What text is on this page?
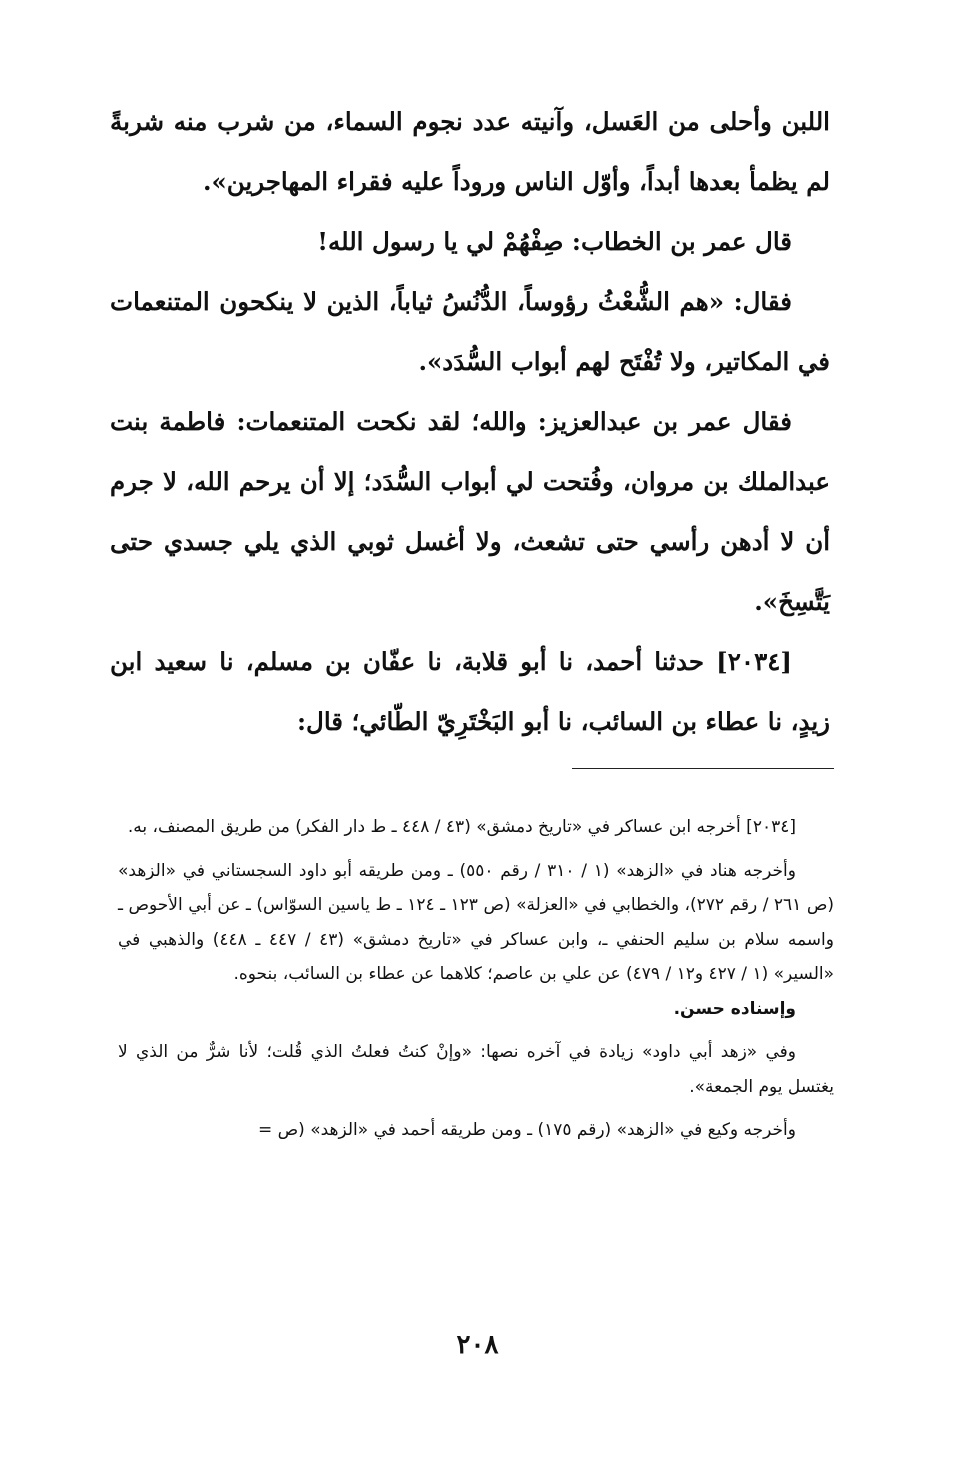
اللبن وأحلى من العَسل، وآنيته عدد نجوم السماء، من شرب منه شربةً لم يظمأ بعدها أبداً، وأوّل الناس وروداً عليه فقراء المهاجرين».

قال عمر بن الخطاب: صِفْهُمْ لي يا رسول الله!

فقال: «هم الشُّعْثُ رؤوساً، الدُّنُسُ ثياباً، الذين لا ينكحون المتنعمات في المكاتير، ولا تُفْتَح لهم أبواب السُّدَد».

فقال عمر بن عبدالعزيز: والله؛ لقد نكحت المتنعمات: فاطمة بنت عبدالملك بن مروان، وفُتحت لي أبواب السُّدَد؛ إلا أن يرحم الله، لا جرم أن لا أدهن رأسي حتى تشعث، ولا أغسل ثوبي الذي يلي جسدي حتى يَتَّسِخَ».

[٢٠٣٤] حدثنا أحمد، نا أبو قلابة، نا عفّان بن مسلم، نا سعيد ابن زيدٍ، نا عطاء بن السائب، نا أبو البَخْتَرِيّ الطّائي؛ قال:

[٢٠٣٤] أخرجه ابن عساكر في «تاريخ دمشق» (٤٣ / ٤٤٨ ـ ط دار الفكر) من طريق المصنف، به.

وأخرجه هناد في «الزهد» (١ / ٣١٠ / رقم ٥٥٠) ـ ومن طريقه أبو داود السجستاني في «الزهد» (ص ٢٦١ / رقم ٢٧٢)، والخطابي في «العزلة» (ص ١٢٣ ـ ١٢٤ ـ ط ياسين السوّاس) ـ عن أبي الأحوص ـ واسمه سلام بن سليم الحنفي ـ، وابن عساكر في «تاريخ دمشق» (٤٣ / ٤٤٧ ـ ٤٤٨) والذهبي في «السير» (١ / ٤٢٧ و١٢ / ٤٧٩) عن علي بن عاصم؛ كلاهما عن عطاء بن السائب، بنحوه.

وإسناده حسن.

وفي «زهد أبي داود» زيادة في آخره نصها: «وإنْ كنتُ فعلتُ الذي قُلت؛ لأنا شرٌّ من الذي لا يغتسل يوم الجمعة».

وأخرجه وكيع في «الزهد» (رقم ١٧٥) ـ ومن طريقه أحمد في «الزهد» (ص =

٢٠٨
